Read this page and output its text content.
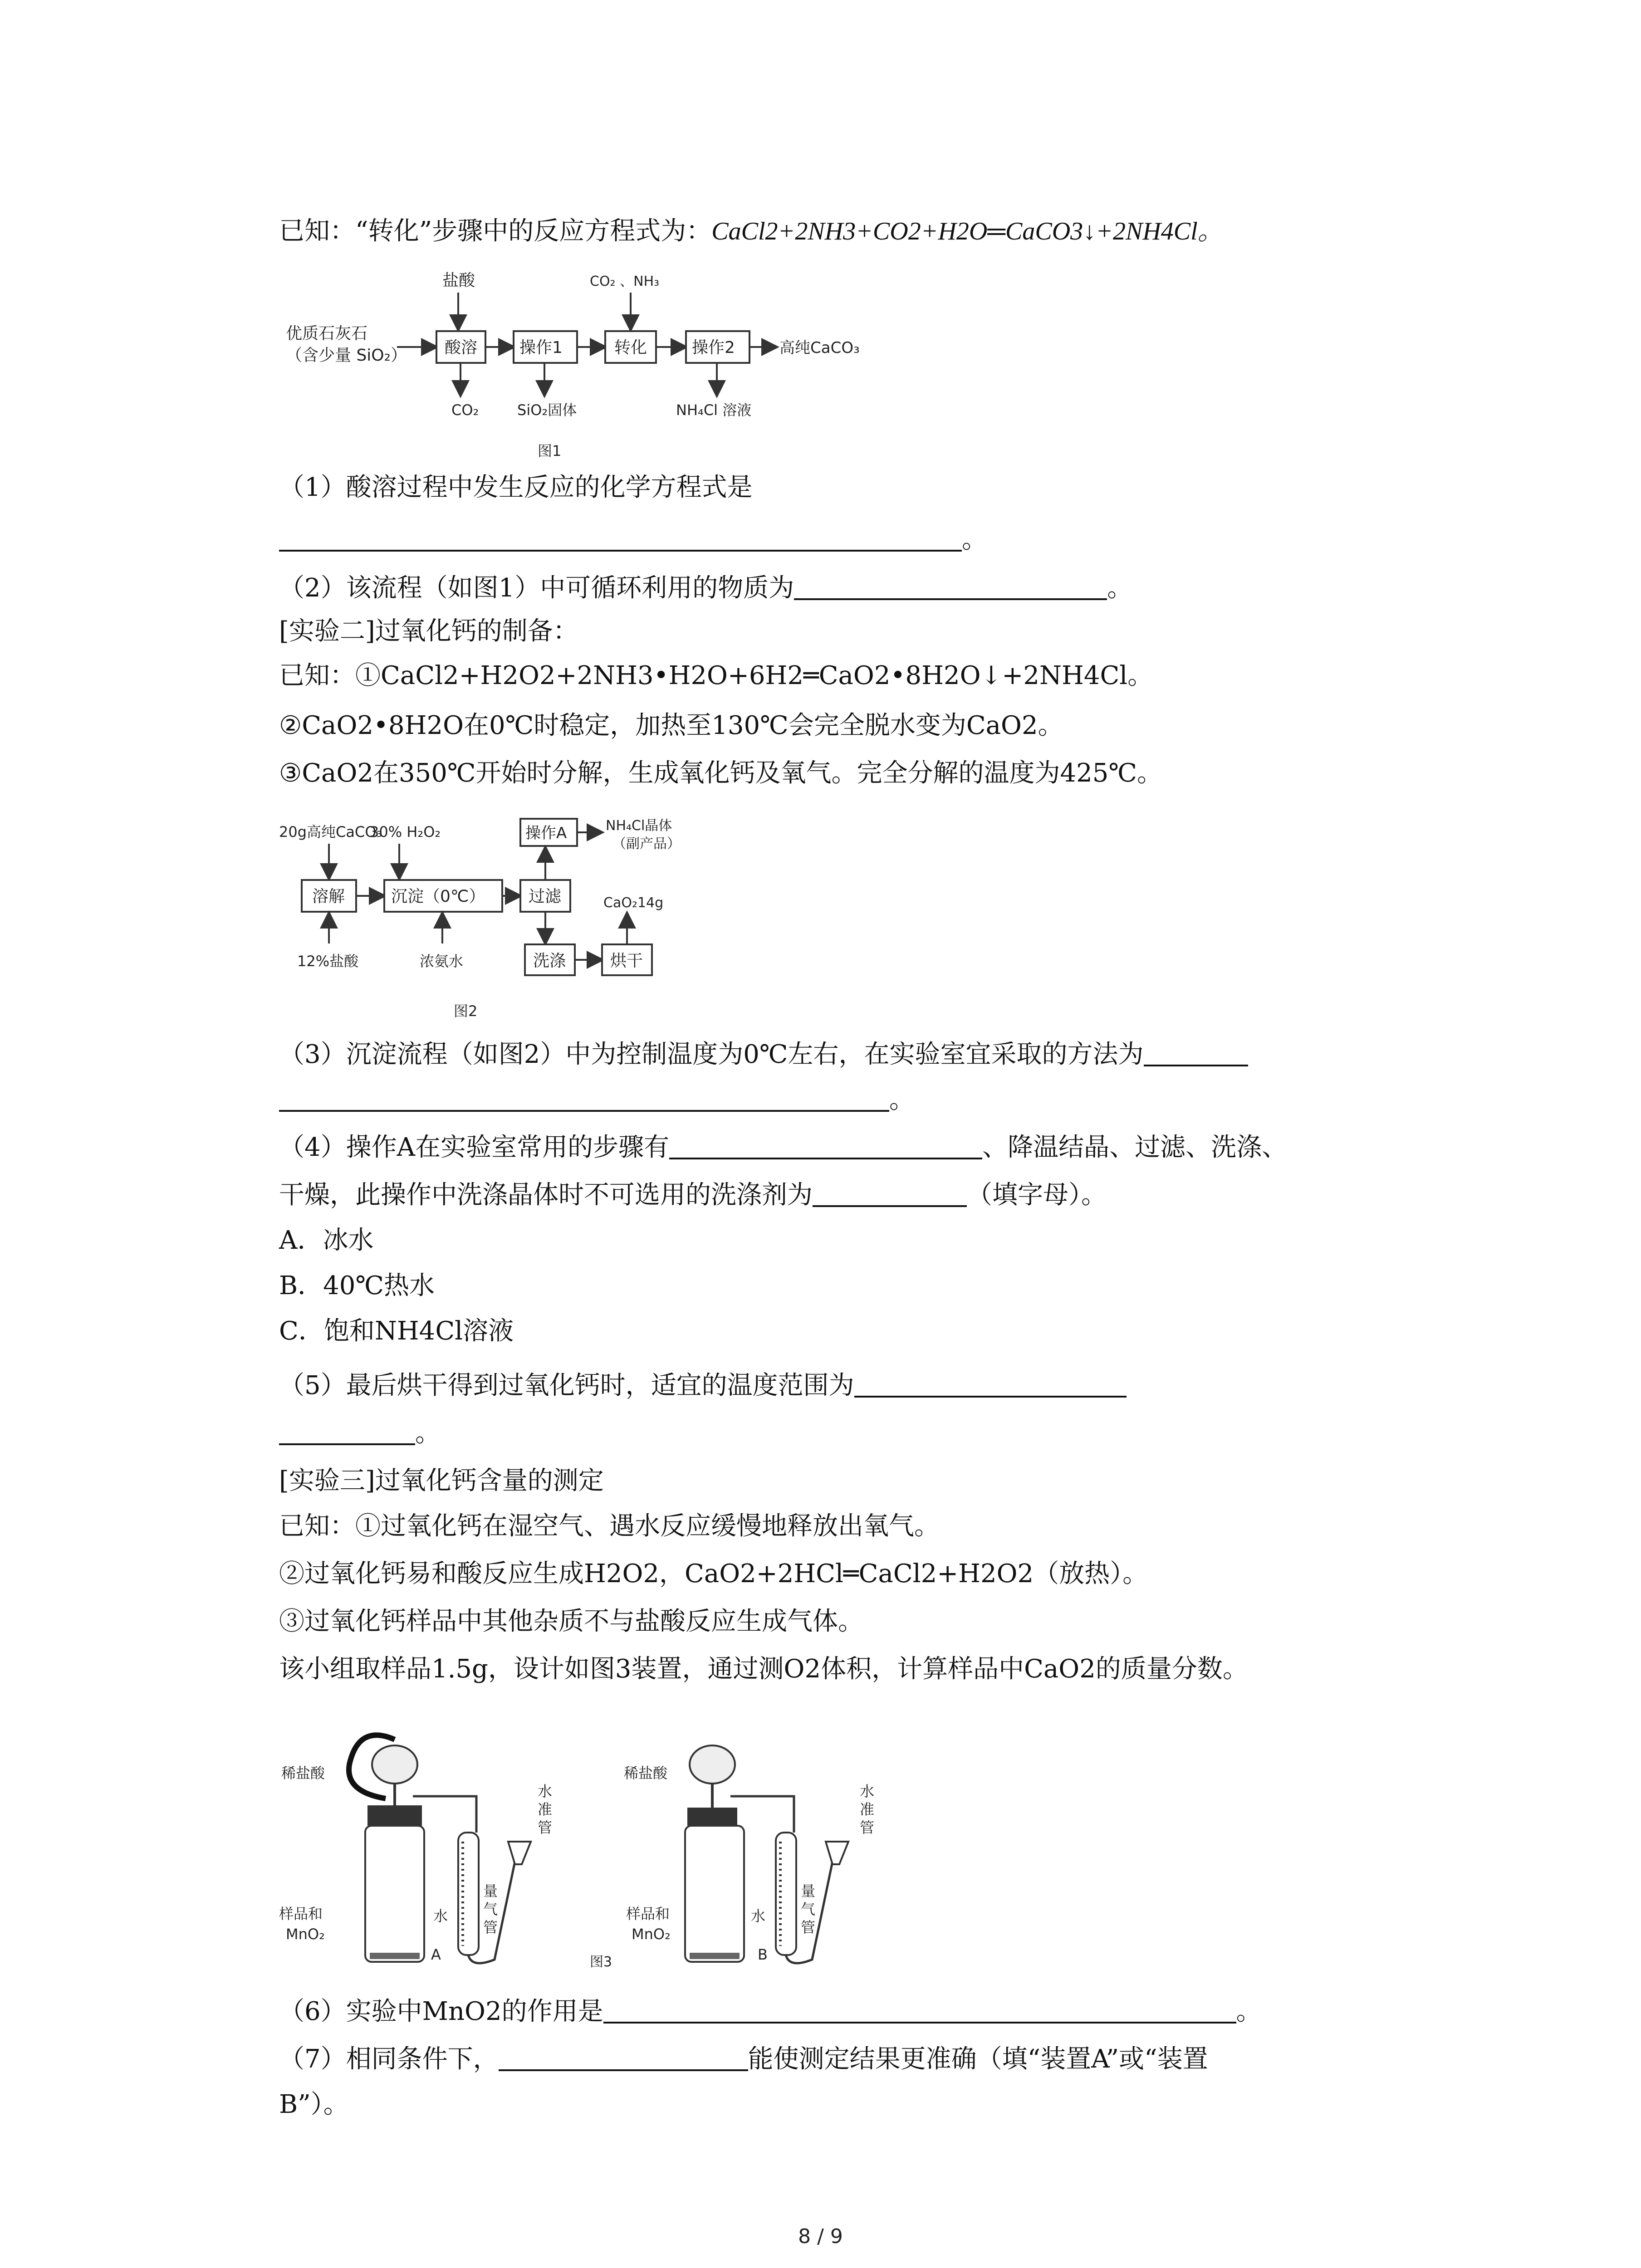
已知：“转化”步骤中的反应方程式为：CaCl2+2NH3+CO2+H2O═CaCO3↓+2NH4Cl。
优质石灰石
（含少量 SiO₂）
盐酸
酸溶	操作1
CO₂ 、NH₃
转化	操作2	高纯CaCO₃
CO₂	SiO₂固体	NH₄Cl 溶液
图1
（1）酸溶过程中发生反应的化学方程式是
。
（2）该流程（如图1）中可循环利用的物质为	。
[实验二]过氧化钙的制备：
已知：①CaCl2+H2O2+2NH3•H2O+6H2═CaO2•8H2O↓+2NH4Cl。
②CaO2•8H2O在0℃时稳定，加热至130℃会完全脱水变为CaO2。
③CaO2在350℃开始时分解，生成氧化钙及氧气。完全分解的温度为425℃。
20g高纯CaCO₃
30% H₂O₂
溶解	沉淀（0℃）	过滤
操作A	NH₄Cl晶体
（副产品）
12%盐酸	浓氨水	洗涤	烘干
CaO₂14g
图2
（3）沉淀流程（如图2）中为控制温度为0℃左右，在实验室宜采取的方法为
。
（4）操作A在实验室常用的步骤有	、降温结晶、过滤、洗涤、
干燥，此操作中洗涤晶体时不可选用的洗涤剂为	（填字母）。
A．冰水
B．40℃热水
C．饱和NH4Cl溶液
（5）最后烘干得到过氧化钙时，适宜的温度范围为
。
[实验三]过氧化钙含量的测定
已知：①过氧化钙在湿空气、遇水反应缓慢地释放出氧气。
②过氧化钙易和酸反应生成H2O2，CaO2+2HCl═CaCl2+H2O2（放热）。
③过氧化钙样品中其他杂质不与盐酸反应生成气体。
该小组取样品1.5g，设计如图3装置，通过测O2体积，计算样品中CaO2的质量分数。
稀盐酸
样品和
MnO₂
水
量
气
管
水
准
管
A
稀盐酸
样品和
MnO₂
水
量
气
管
水
准
管
B
图3
（6）实验中MnO2的作用是	。
（7）相同条件下，	能使测定结果更准确（填“装置A”或“装置
B”）。
8 / 9
